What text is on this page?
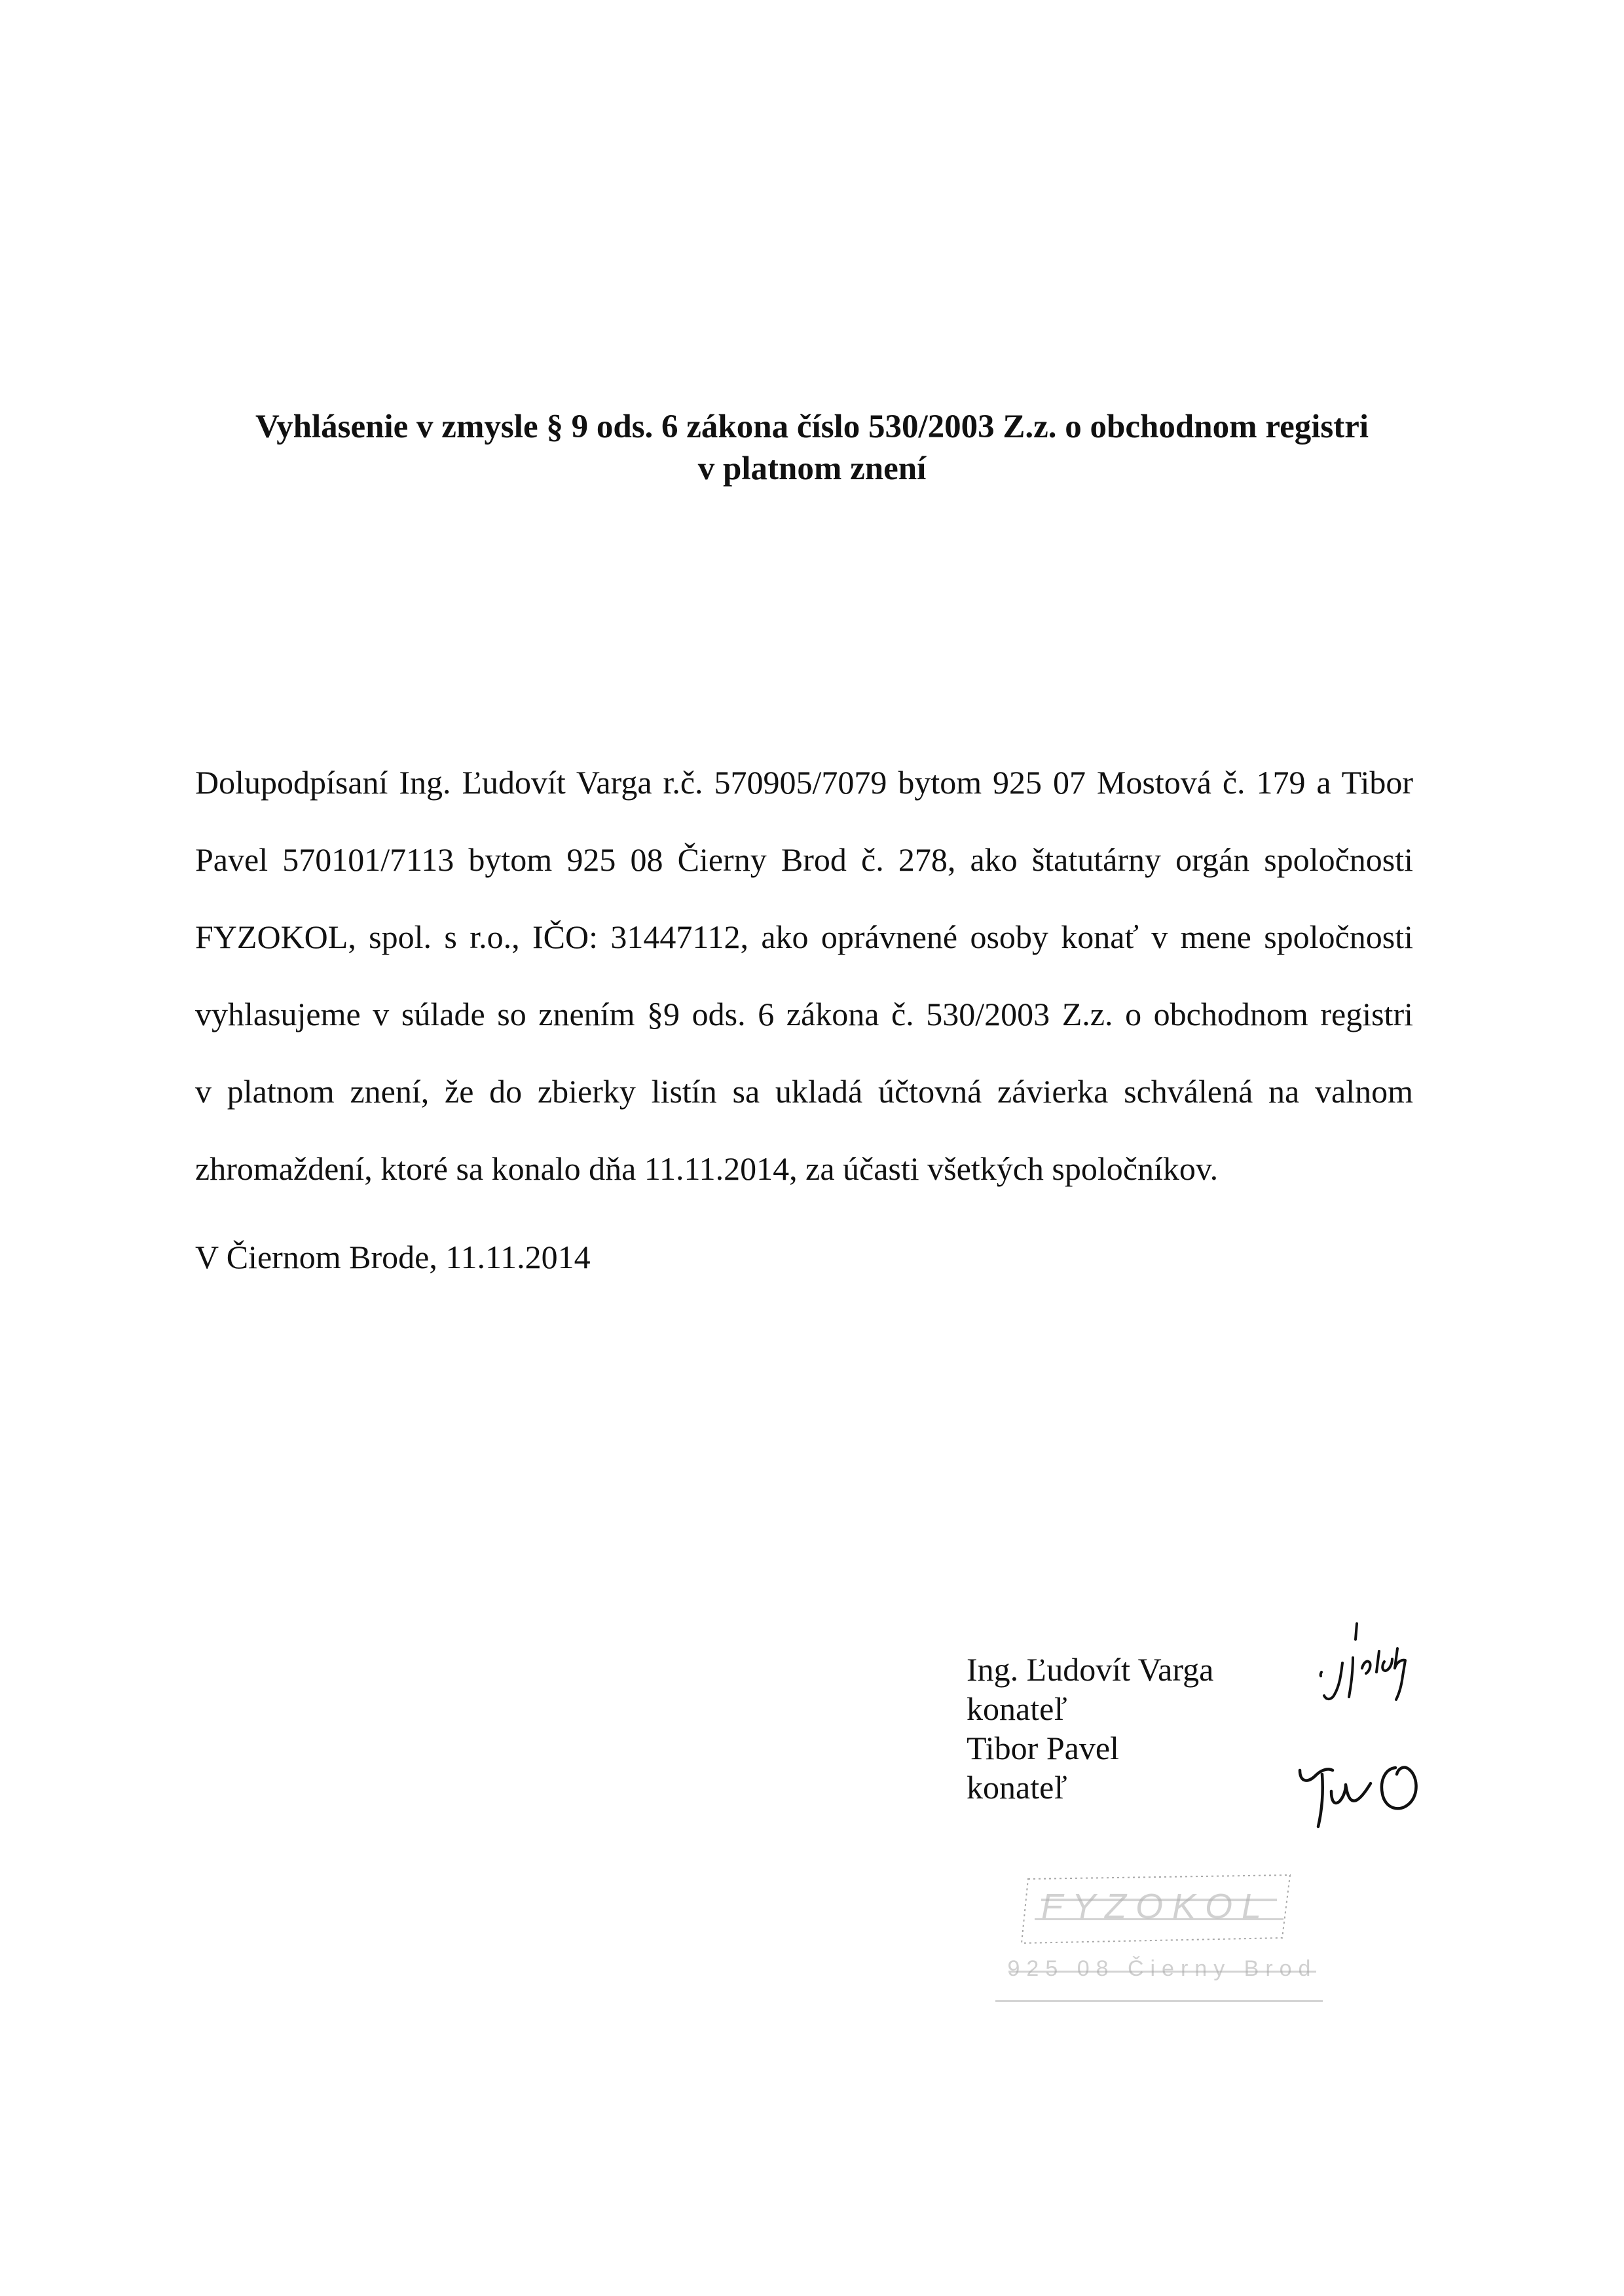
Vyhlásenie v zmysle § 9 ods. 6 zákona číslo 530/2003 Z.z. o obchodnom registri
v platnom znení
Dolupodpísaní Ing. Ľudovít Varga r.č. 570905/7079 bytom 925 07 Mostová č. 179 a Tibor
Pavel 570101/7113 bytom 925 08 Čierny Brod č. 278, ako štatutárny orgán spoločnosti
FYZOKOL, spol. s r.o., IČO: 31447112, ako oprávnené osoby konať v mene spoločnosti
vyhlasujeme v súlade so znením §9 ods. 6 zákona č. 530/2003 Z.z. o obchodnom registri
v platnom znení, že do zbierky listín sa ukladá účtovná závierka schválená na valnom
zhromaždení, ktoré sa konalo dňa 11.11.2014, za účasti všetkých spoločníkov.
V Čiernom Brode, 11.11.2014
Ing. Ľudovít Varga
konateľ
Tibor Pavel
konateľ
FYZOKOL
925 08 Čierny Brod
